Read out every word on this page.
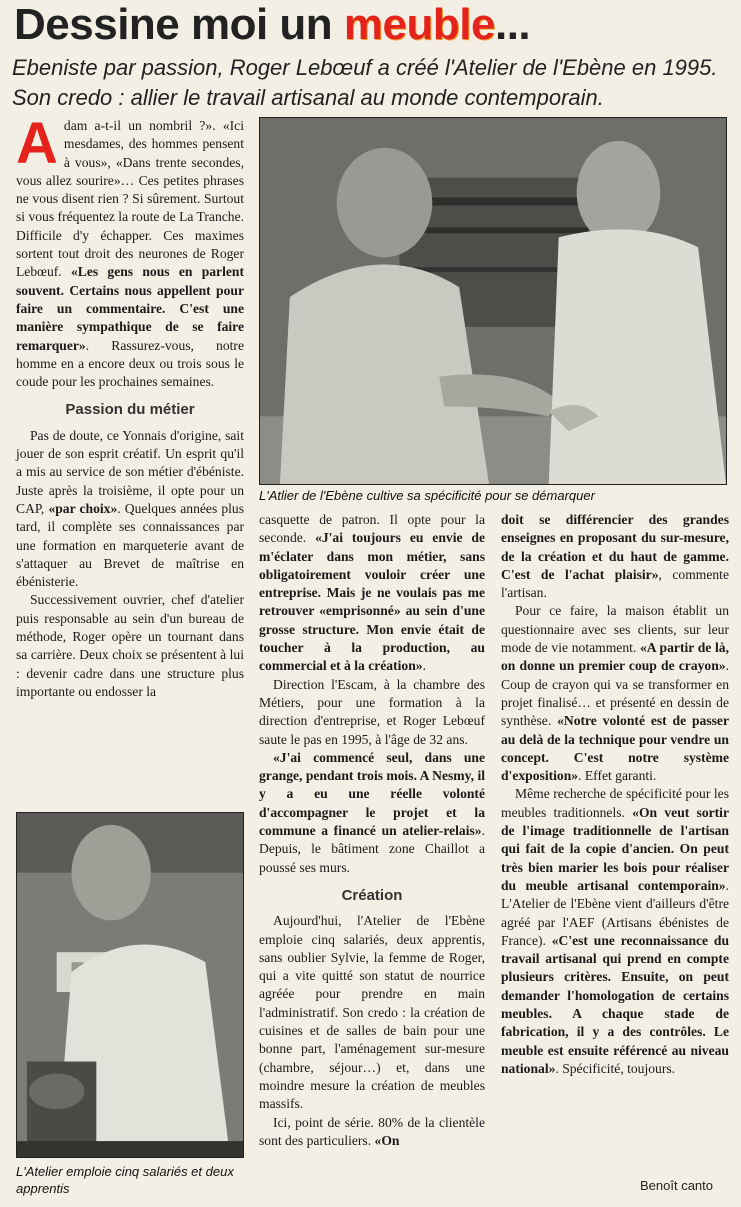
Dessine moi un meuble...
Ebeniste par passion, Roger Lebœuf a créé l'Atelier de l'Ebène en 1995. Son credo : allier le travail artisanal au monde contemporain.

Adam a-t-il un nombril ?». «Ici mesdames, des hommes pensent à vous», «Dans trente secondes, vous allez sourire»… Ces petites phrases ne vous disent rien ? Si sûrement. Surtout si vous fréquentez la route de La Tranche. Difficile d'y échapper. Ces maximes sortent tout droit des neurones de Roger Lebœuf. «Les gens nous en parlent souvent. Certains nous appellent pour faire un commentaire. C'est une manière sympathique de se faire remarquer». Rassurez-vous, notre homme en a encore deux ou trois sous le coude pour les prochaines semaines.

Passion du métier

Pas de doute, ce Yonnais d'origine, sait jouer de son esprit créatif. Un esprit qu'il a mis au service de son métier d'ébéniste. Juste après la troisième, il opte pour un CAP, «par choix». Quelques années plus tard, il complète ses connaissances par une formation en marqueterie avant de s'attaquer au Brevet de maîtrise en ébénisterie.

Successivement ouvrier, chef d'atelier puis responsable au sein d'un bureau de méthode, Roger opère un tournant dans sa carrière. Deux choix se présentent à lui : devenir cadre dans une structure plus importante ou endosser la

L'Atlier de l'Ebène cultive sa spécificité pour se démarquer

casquette de patron. Il opte pour la seconde. «J'ai toujours eu envie de m'éclater dans mon métier, sans obligatoirement vouloir créer une entreprise. Mais je ne voulais pas me retrouver «emprisonné» au sein d'une grosse structure. Mon envie était de toucher à la production, au commercial et à la création».

Direction l'Escam, à la chambre des Métiers, pour une formation à la direction d'entreprise, et Roger Lebœuf saute le pas en 1995, à l'âge de 32 ans.

«J'ai commencé seul, dans une grange, pendant trois mois. A Nesmy, il y a eu une réelle volonté d'accompagner le projet et la commune a financé un atelier-relais». Depuis, le bâtiment zone Chaillot a poussé ses murs.

Création

Aujourd'hui, l'Atelier de l'Ebène emploie cinq salariés, deux apprentis, sans oublier Sylvie, la femme de Roger, qui a vite quitté son statut de nourrice agréée pour prendre en main l'administratif. Son credo : la création de cuisines et de salles de bain pour une bonne part, l'aménagement sur-mesure (chambre, séjour…) et, dans une moindre mesure la création de meubles massifs.

Ici, point de série. 80% de la clientèle sont des particuliers. «On

doit se différencier des grandes enseignes en proposant du sur-mesure, de la création et du haut de gamme. C'est de l'achat plaisir», commente l'artisan.

Pour ce faire, la maison établit un questionnaire avec ses clients, sur leur mode de vie notamment. «A partir de là, on donne un premier coup de crayon». Coup de crayon qui va se transformer en projet finalisé… et présenté en dessin de synthèse. «Notre volonté est de passer au delà de la technique pour vendre un concept. C'est notre système d'exposition». Effet garanti.

Même recherche de spécificité pour les meubles traditionnels. «On veut sortir de l'image traditionnelle de l'artisan qui fait de la copie d'ancien. On peut très bien marier les bois pour réaliser du meuble artisanal contemporain». L'Atelier de l'Ebène vient d'ailleurs d'être agréé par l'AEF (Artisans ébénistes de France). «C'est une reconnaissance du travail artisanal qui prend en compte plusieurs critères. Ensuite, on peut demander l'homologation de certains meubles. A chaque stade de fabrication, il y a des contrôles. Le meuble est ensuite référencé au niveau national». Spécificité, toujours.

L'Atelier emploie cinq salariés et deux apprentis	Benoît canto
